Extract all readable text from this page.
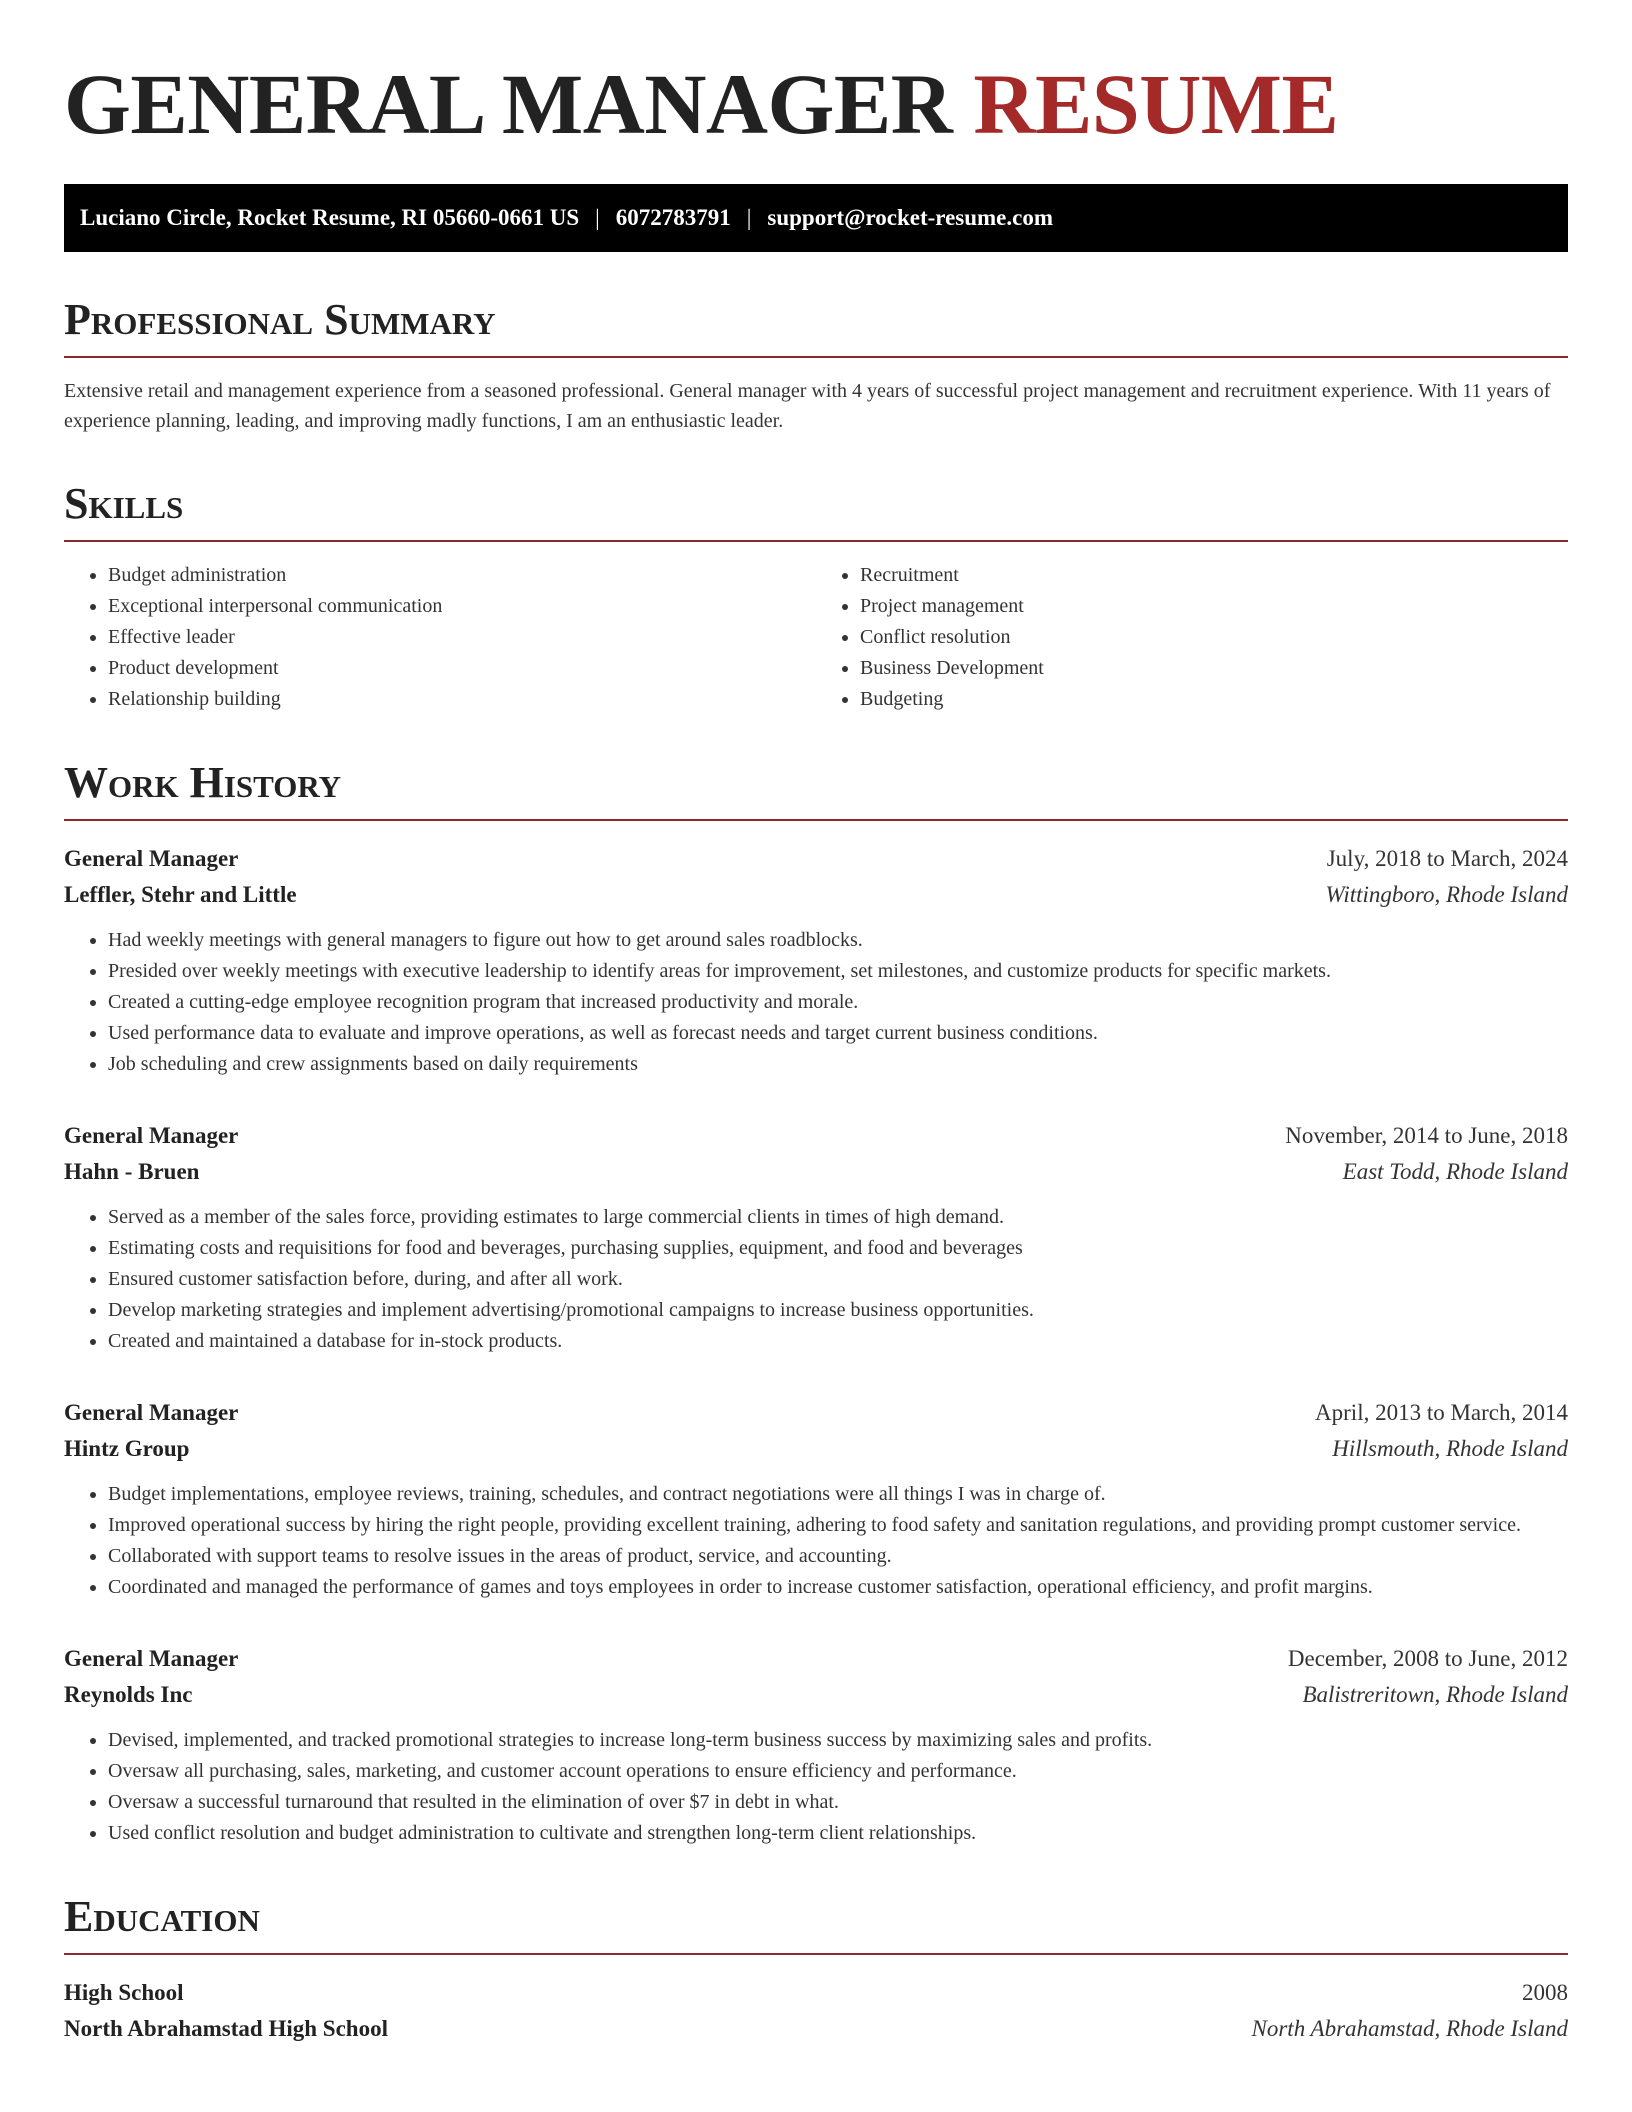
GENERAL MANAGER RESUME
Luciano Circle, Rocket Resume, RI 05660-0661 US | 6072783791 | support@rocket-resume.com
Professional Summary

Extensive retail and management experience from a seasoned professional. General manager with 4 years of successful project management and recruitment experience. With 11 years of experience planning, leading, and improving madly functions, I am an enthusiastic leader.

Skills
• Budget administration
• Exceptional interpersonal communication
• Effective leader
• Product development
• Relationship building
• Recruitment
• Project management
• Conflict resolution
• Business Development
• Budgeting
Work History
General Manager	July, 2018 to March, 2024
Leffler, Stehr and Little	Wittingboro, Rhode Island
• Had weekly meetings with general managers to figure out how to get around sales roadblocks.
• Presided over weekly meetings with executive leadership to identify areas for improvement, set milestones, and customize products for specific markets.
• Created a cutting-edge employee recognition program that increased productivity and morale.
• Used performance data to evaluate and improve operations, as well as forecast needs and target current business conditions.
• Job scheduling and crew assignments based on daily requirements
General Manager	November, 2014 to June, 2018
Hahn - Bruen	East Todd, Rhode Island
• Served as a member of the sales force, providing estimates to large commercial clients in times of high demand.
• Estimating costs and requisitions for food and beverages, purchasing supplies, equipment, and food and beverages
• Ensured customer satisfaction before, during, and after all work.
• Develop marketing strategies and implement advertising/promotional campaigns to increase business opportunities.
• Created and maintained a database for in-stock products.
General Manager	April, 2013 to March, 2014
Hintz Group	Hillsmouth, Rhode Island
• Budget implementations, employee reviews, training, schedules, and contract negotiations were all things I was in charge of.
• Improved operational success by hiring the right people, providing excellent training, adhering to food safety and sanitation regulations, and providing prompt customer service.
• Collaborated with support teams to resolve issues in the areas of product, service, and accounting.
• Coordinated and managed the performance of games and toys employees in order to increase customer satisfaction, operational efficiency, and profit margins.
General Manager	December, 2008 to June, 2012
Reynolds Inc	Balistreritown, Rhode Island
• Devised, implemented, and tracked promotional strategies to increase long-term business success by maximizing sales and profits.
• Oversaw all purchasing, sales, marketing, and customer account operations to ensure efficiency and performance.
• Oversaw a successful turnaround that resulted in the elimination of over $7 in debt in what.
• Used conflict resolution and budget administration to cultivate and strengthen long-term client relationships.
Education
High School	2008
North Abrahamstad High School	North Abrahamstad, Rhode Island
